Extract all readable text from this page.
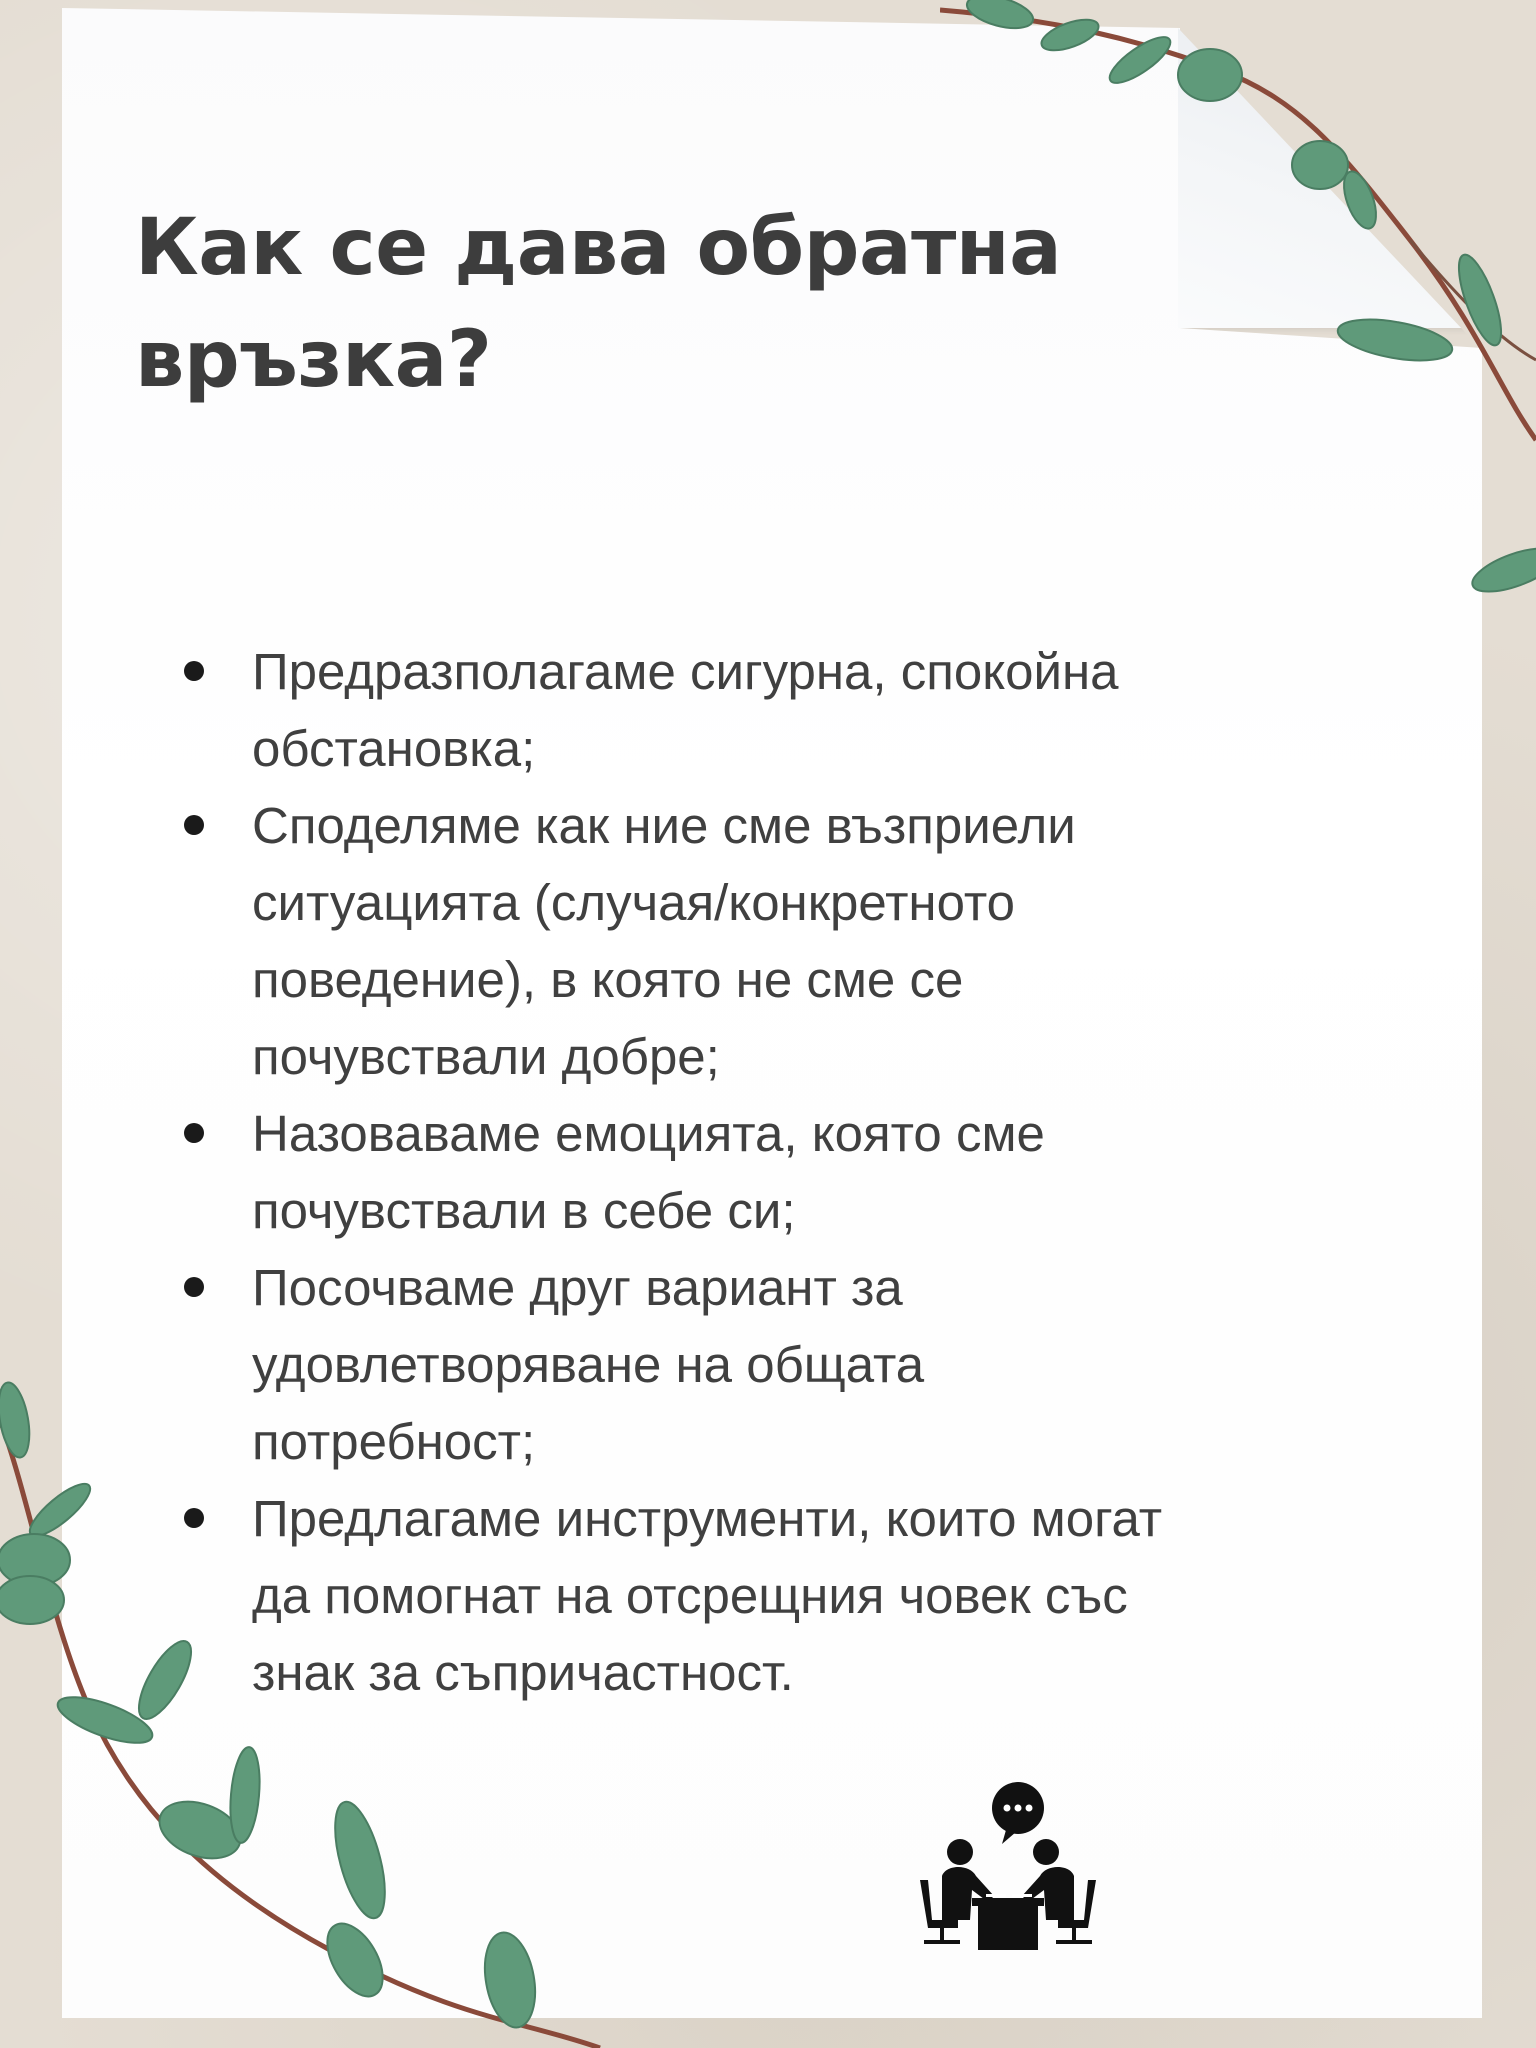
Как се дава обратна връзка?
Предразполагаме сигурна, спокойна обстановка;
Споделяме как ние сме възприели ситуацията (случая/конкретното поведение), в която не сме се почувствали добре;
Назоваваме емоцията, която сме почувствали в себе си;
Посочваме друг вариант за удовлетворяване на общата потребност;
Предлагаме инструменти, които могат да помогнат на отсрещния човек със знак за съпричастност.
